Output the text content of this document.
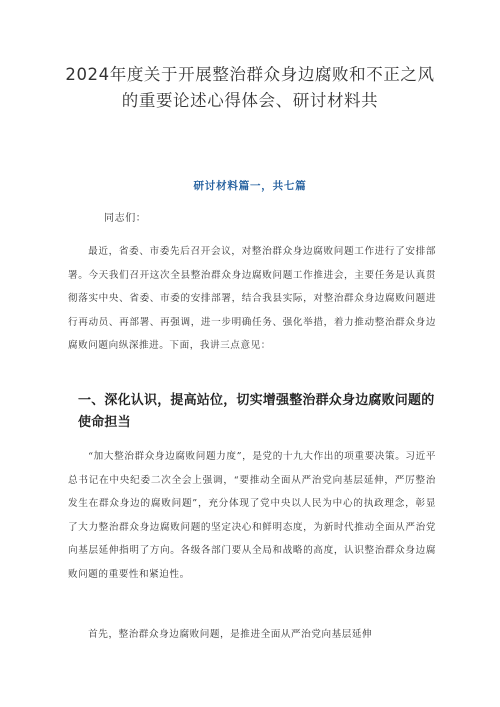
2024年度关于开展整治群众身边腐败和不正之风的重要论述心得体会、研讨材料共
研讨材料篇一，共七篇
同志们：

最近，省委、市委先后召开会议，对整治群众身边腐败问题工作进行了安排部署。今天我们召开这次全县整治群众身边腐败问题工作推进会，主要任务是认真贯彻落实中央、省委、市委的安排部署，结合我县实际，对整治群众身边腐败问题进行再动员、再部署、再强调，进一步明确任务、强化举措，着力推动整治群众身边腐败问题向纵深推进。下面，我讲三点意见：

一、深化认识，提高站位，切实增强整治群众身边腐败问题的使命担当

“加大整治群众身边腐败问题力度”，是党的十九大作出的项重要决策。习近平总书记在中央纪委二次全会上强调，“要推动全面从严治党向基层延伸，严厉整治发生在群众身边的腐败问题”，充分体现了党中央以人民为中心的执政理念，彰显了大力整治群众身边腐败问题的坚定决心和鲜明态度，为新时代推动全面从严治党向基层延伸指明了方向。各级各部门要从全局和战略的高度，认识整治群众身边腐败问题的重要性和紧迫性。

首先，整治群众身边腐败问题，是推进全面从严治党向基层延伸
